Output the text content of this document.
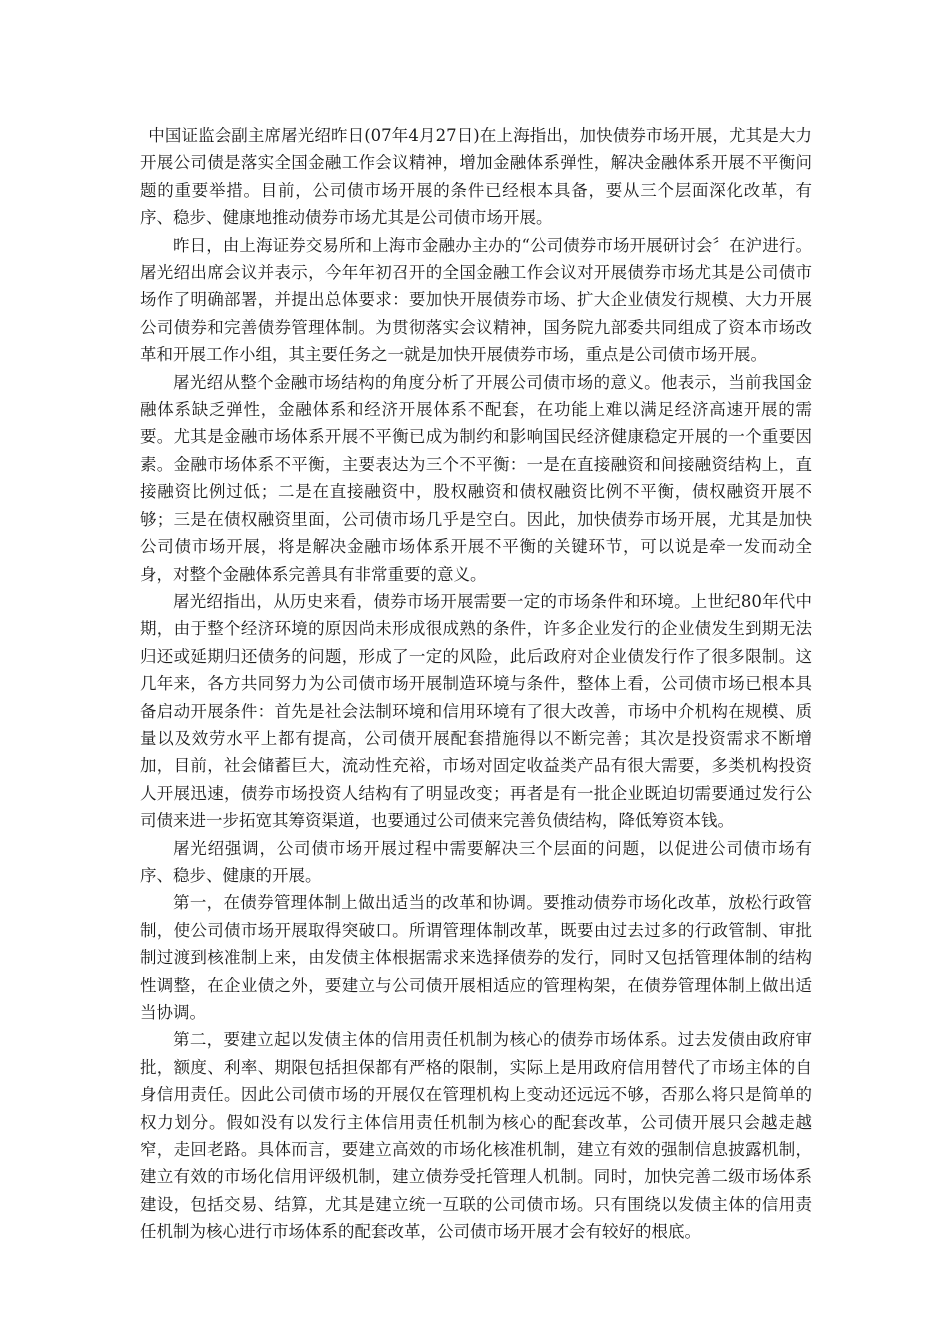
中国证监会副主席屠光绍昨日(07年4月27日)在上海指出，加快债券市场开展，尤其是大力开展公司债是落实全国金融工作会议精神，增加金融体系弹性，解决金融体系开展不平衡问题的重要举措。目前，公司债市场开展的条件已经根本具备，要从三个层面深化改革，有序、稳步、健康地推动债券市场尤其是公司债市场开展。

昨日，由上海证券交易所和上海市金融办主办的“公司债券市场开展研讨会〞在沪进行。屠光绍出席会议并表示，今年年初召开的全国金融工作会议对开展债券市场尤其是公司债市场作了明确部署，并提出总体要求：要加快开展债券市场、扩大企业债发行规模、大力开展公司债券和完善债券管理体制。为贯彻落实会议精神，国务院九部委共同组成了资本市场改革和开展工作小组，其主要任务之一就是加快开展债券市场，重点是公司债市场开展。

屠光绍从整个金融市场结构的角度分析了开展公司债市场的意义。他表示，当前我国金融体系缺乏弹性，金融体系和经济开展体系不配套，在功能上难以满足经济高速开展的需要。尤其是金融市场体系开展不平衡已成为制约和影响国民经济健康稳定开展的一个重要因素。金融市场体系不平衡，主要表达为三个不平衡：一是在直接融资和间接融资结构上，直接融资比例过低；二是在直接融资中，股权融资和债权融资比例不平衡，债权融资开展不够；三是在债权融资里面，公司债市场几乎是空白。因此，加快债券市场开展，尤其是加快公司债市场开展，将是解决金融市场体系开展不平衡的关键环节，可以说是牵一发而动全身，对整个金融体系完善具有非常重要的意义。

屠光绍指出，从历史来看，债券市场开展需要一定的市场条件和环境。上世纪80年代中期，由于整个经济环境的原因尚未形成很成熟的条件，许多企业发行的企业债发生到期无法归还或延期归还债务的问题，形成了一定的风险，此后政府对企业债发行作了很多限制。这几年来，各方共同努力为公司债市场开展制造环境与条件，整体上看，公司债市场已根本具备启动开展条件：首先是社会法制环境和信用环境有了很大改善，市场中介机构在规模、质量以及效劳水平上都有提高，公司债开展配套措施得以不断完善；其次是投资需求不断增加，目前，社会储蓄巨大，流动性充裕，市场对固定收益类产品有很大需要，多类机构投资人开展迅速，债券市场投资人结构有了明显改变；再者是有一批企业既迫切需要通过发行公司债来进一步拓宽其筹资渠道，也要通过公司债来完善负债结构，降低筹资本钱。

屠光绍强调，公司债市场开展过程中需要解决三个层面的问题，以促进公司债市场有序、稳步、健康的开展。

第一，在债券管理体制上做出适当的改革和协调。要推动债券市场化改革，放松行政管制，使公司债市场开展取得突破口。所谓管理体制改革，既要由过去过多的行政管制、审批制过渡到核准制上来，由发债主体根据需求来选择债券的发行，同时又包括管理体制的结构性调整，在企业债之外，要建立与公司债开展相适应的管理构架，在债券管理体制上做出适当协调。

第二，要建立起以发债主体的信用责任机制为核心的债券市场体系。过去发债由政府审批，额度、利率、期限包括担保都有严格的限制，实际上是用政府信用替代了市场主体的自身信用责任。因此公司债市场的开展仅在管理机构上变动还远远不够，否那么将只是简单的权力划分。假如没有以发行主体信用责任机制为核心的配套改革，公司债开展只会越走越窄，走回老路。具体而言，要建立高效的市场化核准机制，建立有效的强制信息披露机制，建立有效的市场化信用评级机制，建立债券受托管理人机制。同时，加快完善二级市场体系建设，包括交易、结算，尤其是建立统一互联的公司债市场。只有围绕以发债主体的信用责任机制为核心进行市场体系的配套改革，公司债市场开展才会有较好的根底。
